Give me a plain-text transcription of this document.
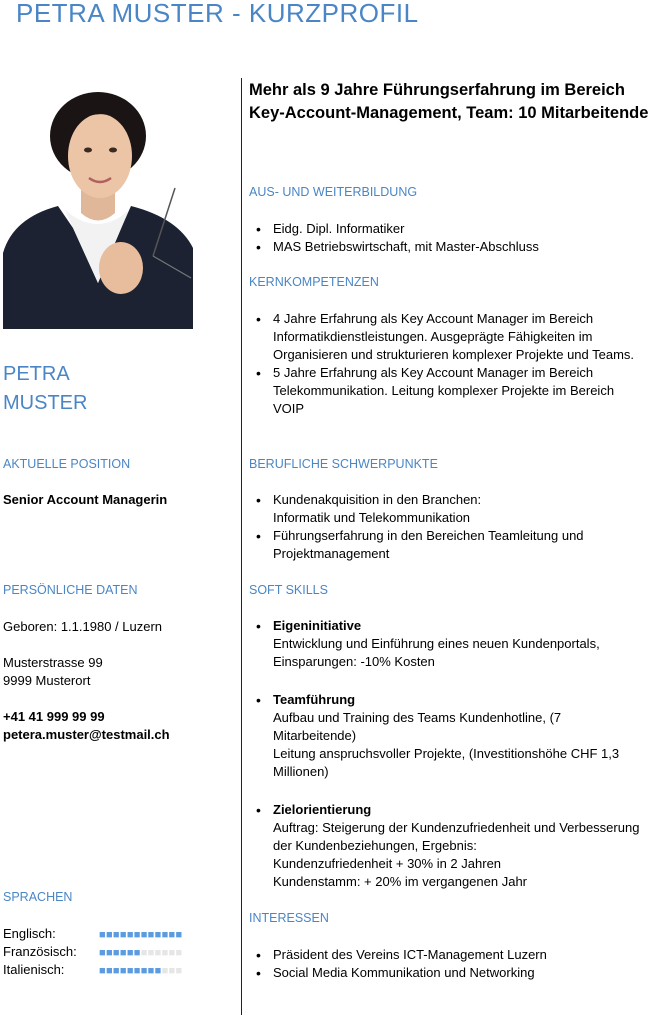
PETRA MUSTER - KURZPROFIL
PETRA
MUSTER
AKTUELLE POSITION
Senior Account Managerin
PERSÖNLICHE DATEN
Geboren: 1.1.1980 / Luzern
Musterstrasse 99
9999 Musterort
+41 41 999 99 99
petera.muster@testmail.ch
SPRACHEN
Englisch:	■■■■■■■■■■■■
Französisch: ■■■■■■■■■■■■
Italienisch:	■■■■■■■■■■■■
Mehr als 9 Jahre Führungserfahrung im Bereich Key-Account-Management, Team: 10 Mitarbeitende
AUS- UND WEITERBILDUNG
• Eidg. Dipl. Informatiker
• MAS Betriebswirtschaft, mit Master-Abschluss
KERNKOMPETENZEN
• 4 Jahre Erfahrung als Key Account Manager im Bereich
Informatikdienstleistungen. Ausgeprägte Fähigkeiten im
Organisieren und strukturieren komplexer Projekte und Teams.
• 5 Jahre Erfahrung als Key Account Manager im Bereich
Telekommunikation. Leitung komplexer Projekte im Bereich
VOIP
BERUFLICHE SCHWERPUNKTE
• Kundenakquisition in den Branchen:
Informatik und Telekommunikation
• Führungserfahrung in den Bereichen Teamleitung und
Projektmanagement
SOFT SKILLS
• Eigeninitiative
Entwicklung und Einführung eines neuen Kundenportals,
Einsparungen: -10% Kosten
• Teamführung
Aufbau und Training des Teams Kundenhotline, (7
Mitarbeitende)
Leitung anspruchsvoller Projekte, (Investitionshöhe CHF 1,3
Millionen)
• Zielorientierung
Auftrag: Steigerung der Kundenzufriedenheit und Verbesserung
der Kundenbeziehungen, Ergebnis:
Kundenzufriedenheit + 30% in 2 Jahren
Kundenstamm: + 20% im vergangenen Jahr
INTERESSEN
• Präsident des Vereins ICT-Management Luzern
• Social Media Kommunikation und Networking
